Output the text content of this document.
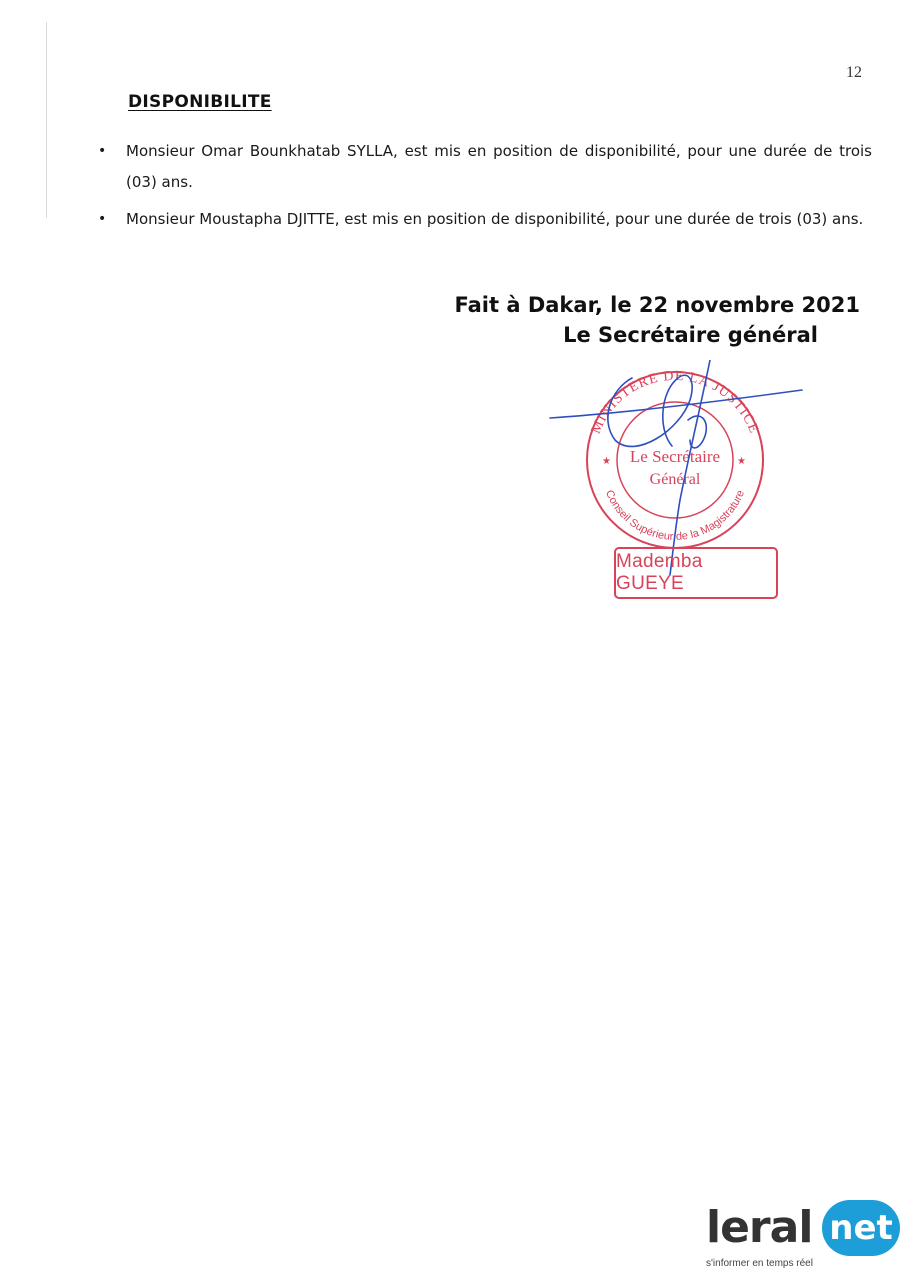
12
DISPONIBILITE
• Monsieur Omar Bounkhatab SYLLA, est mis en position de disponibilité, pour une durée de trois (03) ans.
• Monsieur Moustapha DJITTE, est mis en position de disponibilité, pour une durée de trois (03) ans.
Fait à Dakar, le 22 novembre 2021
Le Secrétaire général
MINISTERE DE LA JUSTICE
Conseil Supérieur de la Magistrature
Le Secrétaire
Général
★	★
Mademba GUEYE
leral net
s'informer en temps réel
